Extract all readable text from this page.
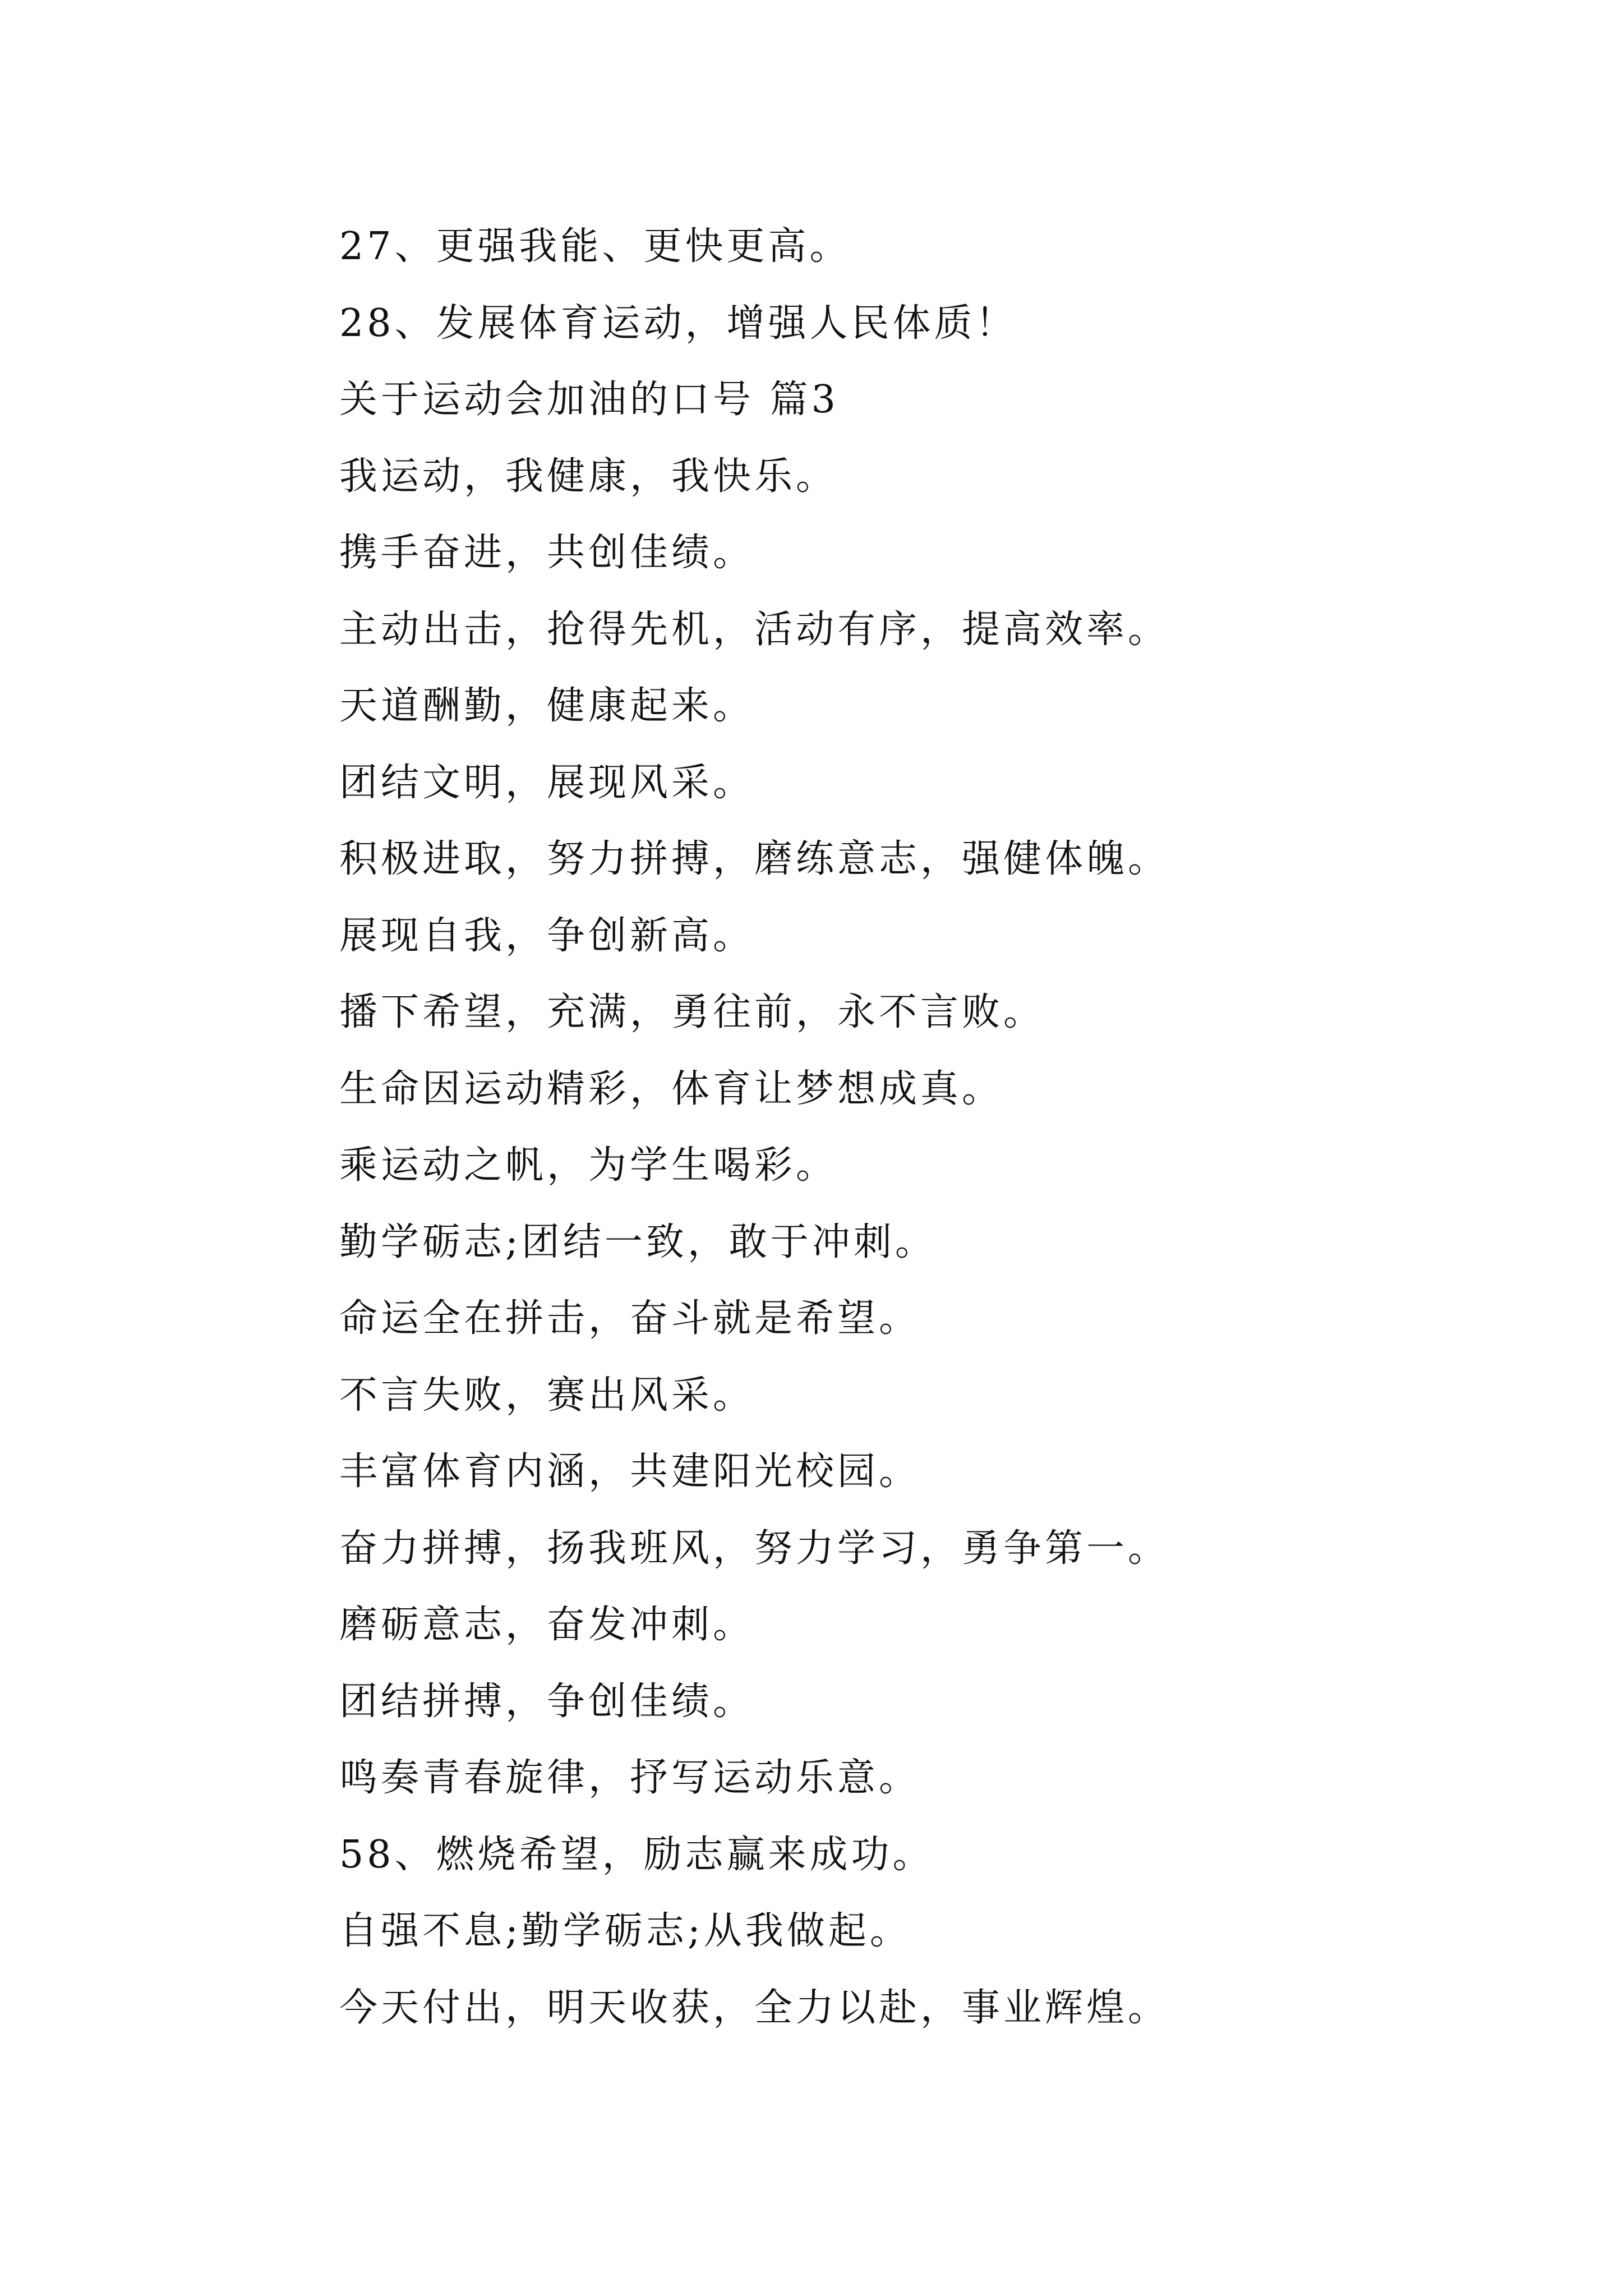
27、更强我能、更快更高。
28、发展体育运动，增强人民体质！
关于运动会加油的口号 篇3
我运动，我健康，我快乐。
携手奋进，共创佳绩。
主动出击，抢得先机，活动有序，提高效率。
天道酬勤，健康起来。
团结文明，展现风采。
积极进取，努力拼搏，磨练意志，强健体魄。
展现自我，争创新高。
播下希望，充满，勇往前，永不言败。
生命因运动精彩，体育让梦想成真。
乘运动之帆，为学生喝彩。
勤学砺志;团结一致，敢于冲刺。
命运全在拼击，奋斗就是希望。
不言失败，赛出风采。
丰富体育内涵，共建阳光校园。
奋力拼搏，扬我班风，努力学习，勇争第一。
磨砺意志，奋发冲刺。
团结拼搏，争创佳绩。
鸣奏青春旋律，抒写运动乐意。
58、燃烧希望，励志赢来成功。
自强不息;勤学砺志;从我做起。
今天付出，明天收获，全力以赴，事业辉煌。
